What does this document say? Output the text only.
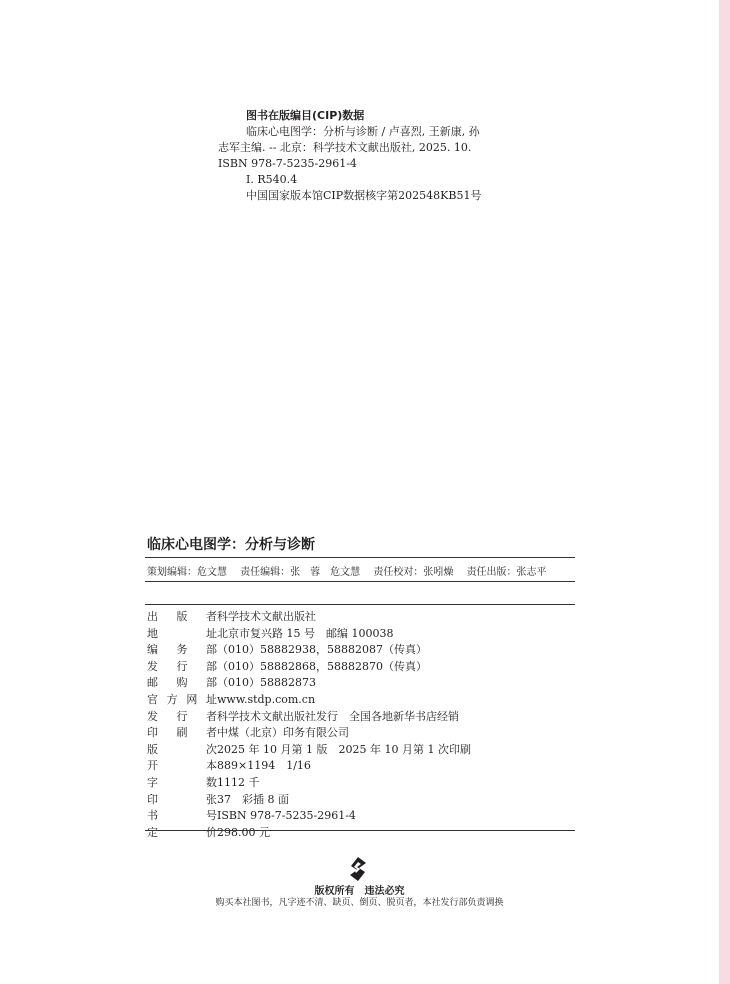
图书在版编目(CIP)数据
临床心电图学：分析与诊断 / 卢喜烈, 王新康, 孙
志军主编. -- 北京：科学技术文献出版社, 2025. 10.
ISBN 978-7-5235-2961-4
Ⅰ. R540.4
中国国家版本馆CIP数据核字第202548KB51号
临床心电图学：分析与诊断
策划编辑：危文慧 责任编辑：张　蓉　危文慧 责任校对：张吲燥 责任出版：张志平
出版者科学技术文献出版社
地址北京市复兴路 15 号　邮编 100038
编务部（010）58882938，58882087（传真）
发行部（010）58882868，58882870（传真）
邮购部（010）58882873
官方网址www.stdp.com.cn
发行者科学技术文献出版社发行　全国各地新华书店经销
印刷者中煤（北京）印务有限公司
版次2025 年 10 月第 1 版　2025 年 10 月第 1 次印刷
开本889×1194　1/16
字数1112 千
印张37　彩插 8 面
书号ISBN 978-7-5235-2961-4
定价298.00 元
版权所有　违法必究
购买本社图书，凡字迹不清、缺页、倒页、脱页者，本社发行部负责调换
